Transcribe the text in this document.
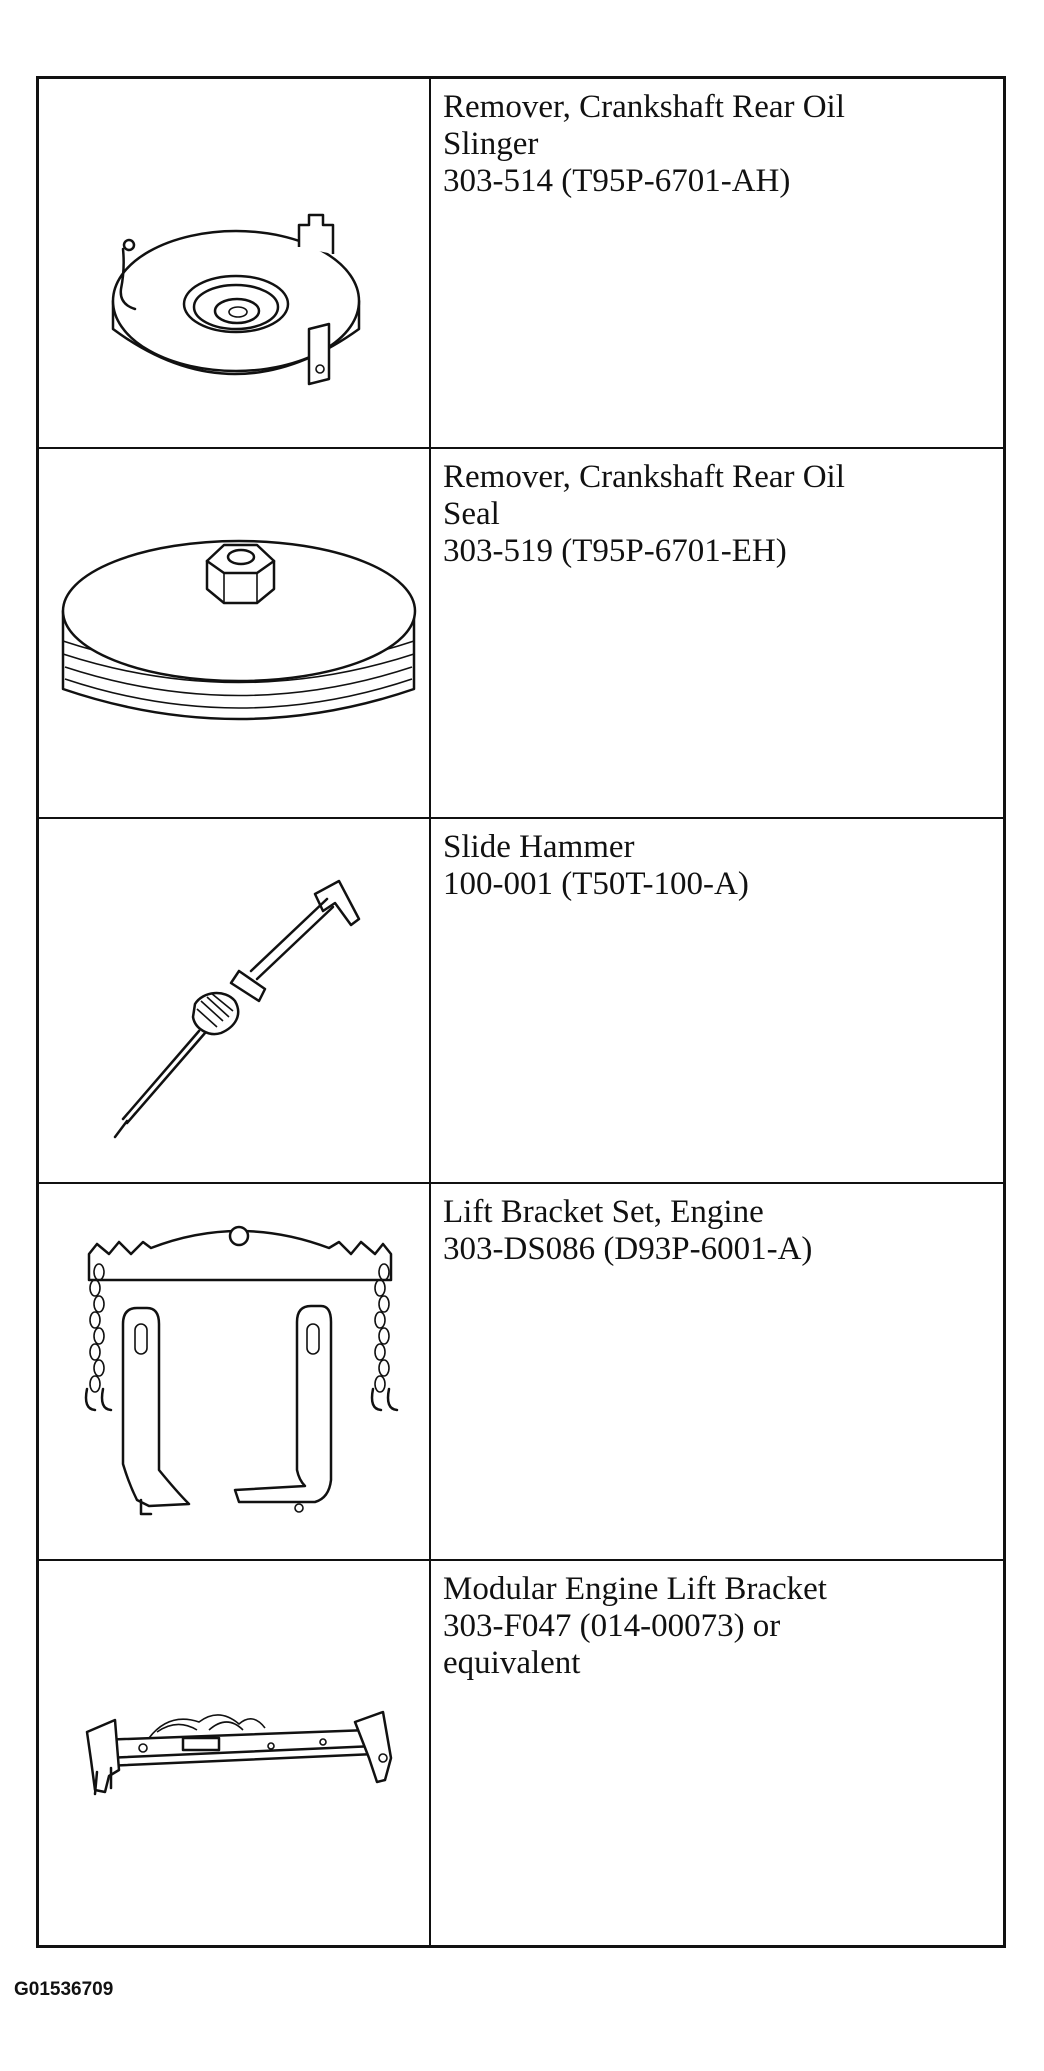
Remover, Crankshaft Rear Oil
Slinger
303-514 (T95P-6701-AH)
Remover, Crankshaft Rear Oil
Seal
303-519 (T95P-6701-EH)
Slide Hammer
100-001 (T50T-100-A)
Lift Bracket Set, Engine
303-DS086 (D93P-6001-A)
Modular Engine Lift Bracket
303-F047 (014-00073) or
equivalent
G01536709
